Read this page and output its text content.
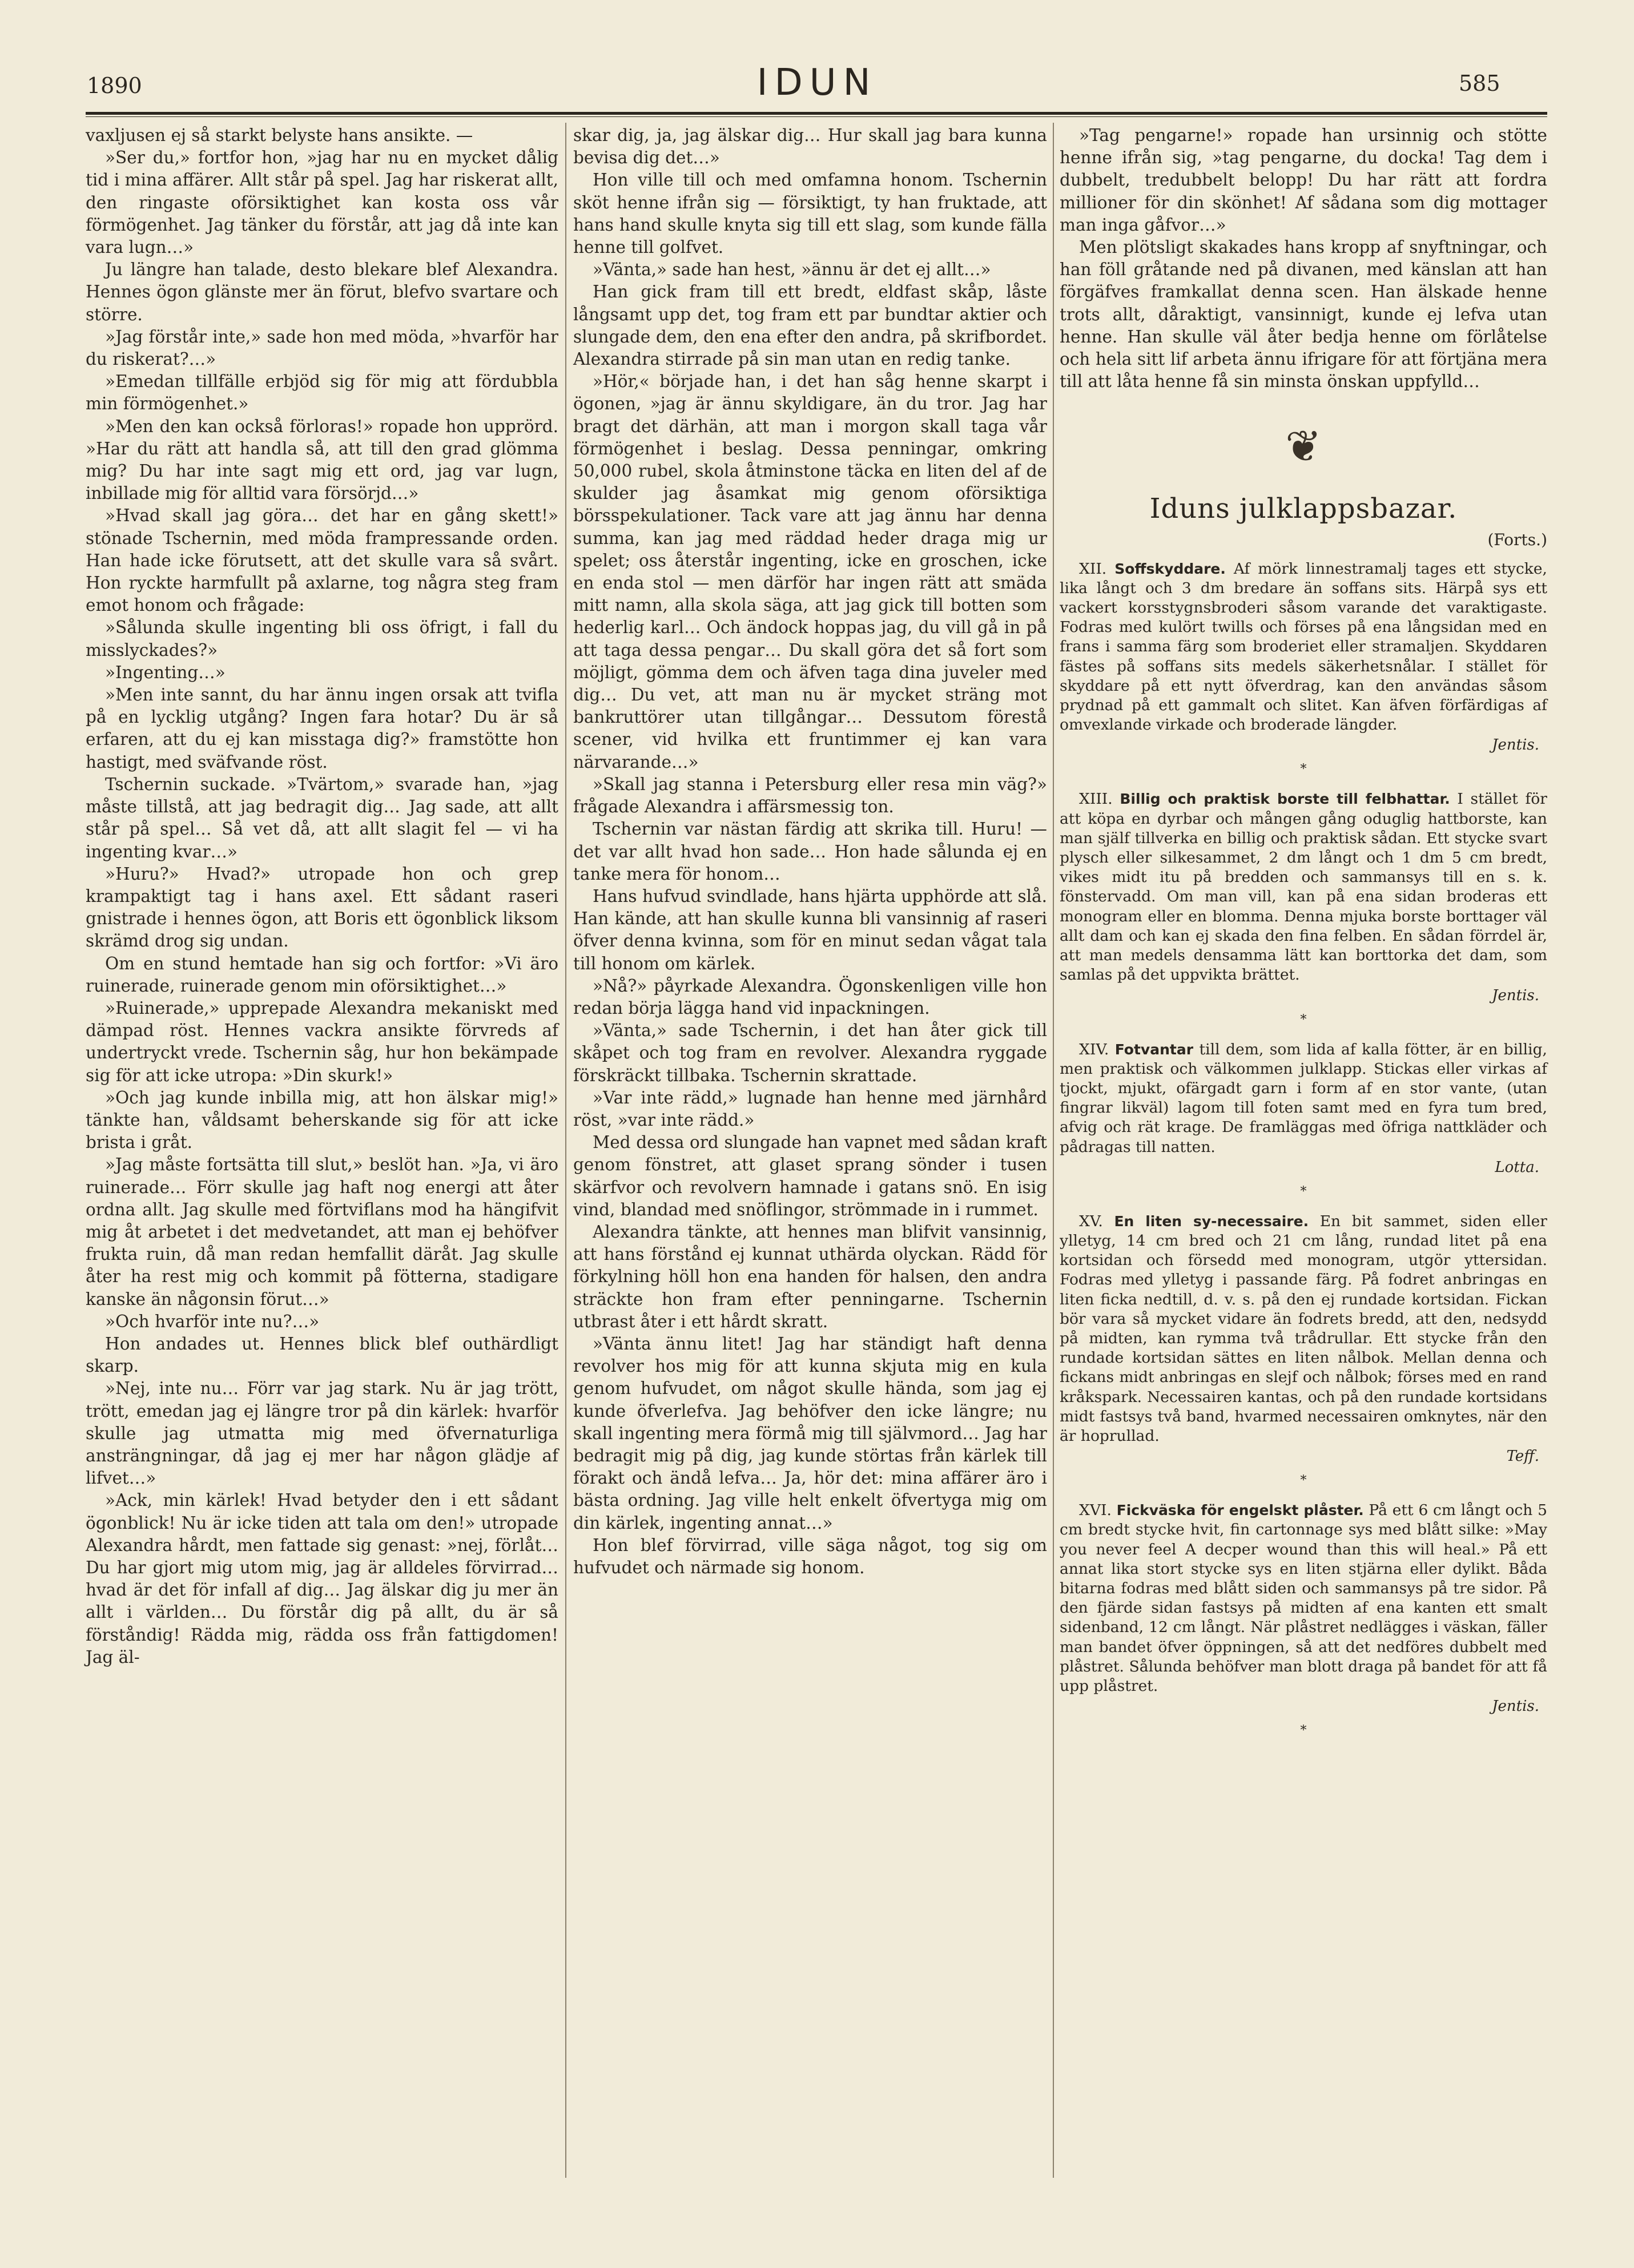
1890	IDUN	585

vaxljusen ej så starkt belyste hans ansikte. —

»Ser du,» fortfor hon, »jag har nu en mycket dålig tid i mina affärer. Allt står på spel. Jag har riskerat allt, den ringaste oförsiktighet kan kosta oss vår förmögenhet. Jag tänker du förstår, att jag då inte kan vara lugn…»

Ju längre han talade, desto blekare blef Alexandra. Hennes ögon glänste mer än förut, blefvo svartare och större.

»Jag förstår inte,» sade hon med möda, »hvarför har du riskerat?…»

»Emedan tillfälle erbjöd sig för mig att fördubbla min förmögenhet.»

»Men den kan också förloras!» ropade hon upprörd. »Har du rätt att handla så, att till den grad glömma mig? Du har inte sagt mig ett ord, jag var lugn, inbillade mig för alltid vara försörjd…»

»Hvad skall jag göra… det har en gång skett!» stönade Tschernin, med möda frampressande orden. Han hade icke förutsett, att det skulle vara så svårt. Hon ryckte harmfullt på axlarne, tog några steg fram emot honom och frågade:

»Sålunda skulle ingenting bli oss öfrigt, i fall du misslyckades?»

»Ingenting…»

»Men inte sannt, du har ännu ingen orsak att tvifla på en lycklig utgång? Ingen fara hotar? Du är så erfaren, att du ej kan misstaga dig?» framstötte hon hastigt, med sväfvande röst.

Tschernin suckade. »Tvärtom,» svarade han, »jag måste tillstå, att jag bedragit dig… Jag sade, att allt står på spel… Så vet då, att allt slagit fel — vi ha ingenting kvar…»

»Huru?» Hvad?» utropade hon och grep krampaktigt tag i hans axel. Ett sådant raseri gnistrade i hennes ögon, att Boris ett ögonblick liksom skrämd drog sig undan.

Om en stund hemtade han sig och fortfor: »Vi äro ruinerade, ruinerade genom min oförsiktighet…»

»Ruinerade,» upprepade Alexandra mekaniskt med dämpad röst. Hennes vackra ansikte förvreds af undertryckt vrede. Tschernin såg, hur hon bekämpade sig för att icke utropa: »Din skurk!»

»Och jag kunde inbilla mig, att hon älskar mig!» tänkte han, våldsamt beherskande sig för att icke brista i gråt.

»Jag måste fortsätta till slut,» beslöt han. »Ja, vi äro ruinerade… Förr skulle jag haft nog energi att åter ordna allt. Jag skulle med förtviflans mod ha hängifvit mig åt arbetet i det medvetandet, att man ej behöfver frukta ruin, då man redan hemfallit däråt. Jag skulle åter ha rest mig och kommit på fötterna, stadigare kanske än någonsin förut…»

»Och hvarför inte nu?…»

Hon andades ut. Hennes blick blef outhärdligt skarp.

»Nej, inte nu… Förr var jag stark. Nu är jag trött, trött, emedan jag ej längre tror på din kärlek: hvarför skulle jag utmatta mig med öfvernaturliga ansträngningar, då jag ej mer har någon glädje af lifvet…»

»Ack, min kärlek! Hvad betyder den i ett sådant ögonblick! Nu är icke tiden att tala om den!» utropade Alexandra hårdt, men fattade sig genast: »nej, förlåt… Du har gjort mig utom mig, jag är alldeles förvirrad… hvad är det för infall af dig… Jag älskar dig ju mer än allt i världen… Du förstår dig på allt, du är så förståndig! Rädda mig, rädda oss från fattigdomen! Jag äl-

skar dig, ja, jag älskar dig… Hur skall jag bara kunna bevisa dig det…»

Hon ville till och med omfamna honom. Tschernin sköt henne ifrån sig — försiktigt, ty han fruktade, att hans hand skulle knyta sig till ett slag, som kunde fälla henne till golfvet.

»Vänta,» sade han hest, »ännu är det ej allt…»

Han gick fram till ett bredt, eldfast skåp, låste långsamt upp det, tog fram ett par bundtar aktier och slungade dem, den ena efter den andra, på skrifbordet. Alexandra stirrade på sin man utan en redig tanke.

»Hör,« började han, i det han såg henne skarpt i ögonen, »jag är ännu skyldigare, än du tror. Jag har bragt det därhän, att man i morgon skall taga vår förmögenhet i beslag. Dessa penningar, omkring 50,000 rubel, skola åtminstone täcka en liten del af de skulder jag åsamkat mig genom oförsiktiga börsspekulationer. Tack vare att jag ännu har denna summa, kan jag med räddad heder draga mig ur spelet; oss återstår ingenting, icke en groschen, icke en enda stol — men därför har ingen rätt att smäda mitt namn, alla skola säga, att jag gick till botten som hederlig karl… Och ändock hoppas jag, du vill gå in på att taga dessa pengar… Du skall göra det så fort som möjligt, gömma dem och äfven taga dina juveler med dig… Du vet, att man nu är mycket sträng mot bankruttörer utan tillgångar… Dessutom förestå scener, vid hvilka ett fruntimmer ej kan vara närvarande…»

»Skall jag stanna i Petersburg eller resa min väg?» frågade Alexandra i affärsmessig ton.

Tschernin var nästan färdig att skrika till. Huru! — det var allt hvad hon sade… Hon hade sålunda ej en tanke mera för honom…

Hans hufvud svindlade, hans hjärta upphörde att slå. Han kände, att han skulle kunna bli vansinnig af raseri öfver denna kvinna, som för en minut sedan vågat tala till honom om kärlek.

»Nå?» påyrkade Alexandra. Ögonskenligen ville hon redan börja lägga hand vid inpackningen.

»Vänta,» sade Tschernin, i det han åter gick till skåpet och tog fram en revolver. Alexandra ryggade förskräckt tillbaka. Tschernin skrattade.

»Var inte rädd,» lugnade han henne med järnhård röst, »var inte rädd.»

Med dessa ord slungade han vapnet med sådan kraft genom fönstret, att glaset sprang sönder i tusen skärfvor och revolvern hamnade i gatans snö. En isig vind, blandad med snöflingor, strömmade in i rummet.

Alexandra tänkte, att hennes man blifvit vansinnig, att hans förstånd ej kunnat uthärda olyckan. Rädd för förkylning höll hon ena handen för halsen, den andra sträckte hon fram efter penningarne. Tschernin utbrast åter i ett hårdt skratt.

»Vänta ännu litet! Jag har ständigt haft denna revolver hos mig för att kunna skjuta mig en kula genom hufvudet, om något skulle hända, som jag ej kunde öfverlefva. Jag behöfver den icke längre; nu skall ingenting mera förmå mig till självmord… Jag har bedragit mig på dig, jag kunde störtas från kärlek till förakt och ändå lefva… Ja, hör det: mina affärer äro i bästa ordning. Jag ville helt enkelt öfvertyga mig om din kärlek, ingenting annat…»

Hon blef förvirrad, ville säga något, tog sig om hufvudet och närmade sig honom.

»Tag pengarne!» ropade han ursinnig och stötte henne ifrån sig, »tag pengarne, du docka! Tag dem i dubbelt, tredubbelt belopp! Du har rätt att fordra millioner för din skönhet! Af sådana som dig mottager man inga gåfvor…»

Men plötsligt skakades hans kropp af snyftningar, och han föll gråtande ned på divanen, med känslan att han förgäfves framkallat denna scen. Han älskade henne trots allt, dåraktigt, vansinnigt, kunde ej lefva utan henne. Han skulle väl åter bedja henne om förlåtelse och hela sitt lif arbeta ännu ifrigare för att förtjäna mera till att låta henne få sin minsta önskan uppfylld…

❦
Iduns julklappsbazar.
(Forts.)

XII. Soffskyddare. Af mörk linnestramalj tages ett stycke, lika långt och 3 dm bredare än soffans sits. Härpå sys ett vackert korsstygnsbroderi såsom varande det varaktigaste. Fodras med kulört twills och förses på ena långsidan med en frans i samma färg som broderiet eller stramaljen. Skyddaren fästes på soffans sits medels säkerhetsnålar. I stället för skyddare på ett nytt öfverdrag, kan den användas såsom prydnad på ett gammalt och slitet. Kan äfven förfärdigas af omvexlande virkade och broderade längder.

Jentis.
*

XIII. Billig och praktisk borste till felbhattar. I stället för att köpa en dyrbar och mången gång oduglig hattborste, kan man själf tillverka en billig och praktisk sådan. Ett stycke svart plysch eller silkesammet, 2 dm långt och 1 dm 5 cm bredt, vikes midt itu på bredden och sammansys till en s. k. fönstervadd. Om man vill, kan på ena sidan broderas ett monogram eller en blomma. Denna mjuka borste borttager väl allt dam och kan ej skada den fina felben. En sådan förrdel är, att man medels densamma lätt kan borttorka det dam, som samlas på det uppvikta brättet.

Jentis.
*

XIV. Fotvantar till dem, som lida af kalla fötter, är en billig, men praktisk och välkommen julklapp. Stickas eller virkas af tjockt, mjukt, ofärgadt garn i form af en stor vante, (utan fingrar likväl) lagom till foten samt med en fyra tum bred, afvig och rät krage. De framläggas med öfriga nattkläder och pådragas till natten.

Lotta.
*

XV. En liten sy-necessaire. En bit sammet, siden eller ylletyg, 14 cm bred och 21 cm lång, rundad litet på ena kortsidan och försedd med monogram, utgör yttersidan. Fodras med ylletyg i passande färg. På fodret anbringas en liten ficka nedtill, d. v. s. på den ej rundade kortsidan. Fickan bör vara så mycket vidare än fodrets bredd, att den, nedsydd på midten, kan rymma två trådrullar. Ett stycke från den rundade kortsidan sättes en liten nålbok. Mellan denna och fickans midt anbringas en slejf och nålbok; förses med en rand kråkspark. Necessairen kantas, och på den rundade kortsidans midt fastsys två band, hvarmed necessairen omknytes, när den är hoprullad.

Teff.
*

XVI. Fickväska för engelskt plåster. På ett 6 cm långt och 5 cm bredt stycke hvit, fin cartonnage sys med blått silke: »May you never feel A decper wound than this will heal.» På ett annat lika stort stycke sys en liten stjärna eller dylikt. Båda bitarna fodras med blått siden och sammansys på tre sidor. På den fjärde sidan fastsys på midten af ena kanten ett smalt sidenband, 12 cm långt. När plåstret nedlägges i väskan, fäller man bandet öfver öppningen, så att det nedföres dubbelt med plåstret. Sålunda behöfver man blott draga på bandet för att få upp plåstret.

Jentis.
*
